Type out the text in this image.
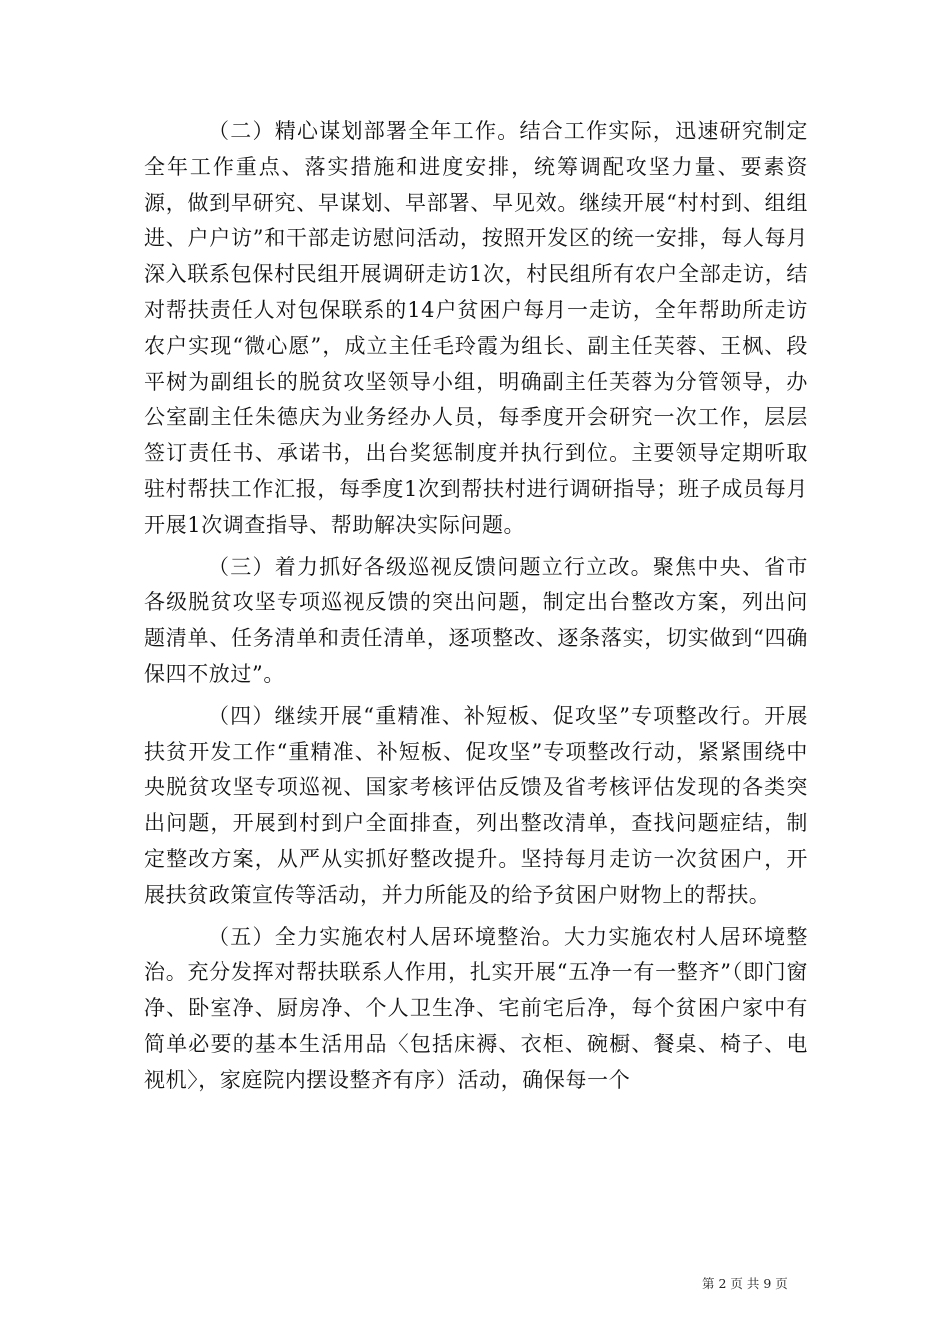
（二）精心谋划部署全年工作。结合工作实际，迅速研究制定全年工作重点、落实措施和进度安排，统筹调配攻坚力量、要素资源，做到早研究、早谋划、早部署、早见效。继续开展“村村到、组组进、户户访”和干部走访慰问活动，按照开发区的统一安排，每人每月深入联系包保村民组开展调研走访1次，村民组所有农户全部走访，结对帮扶责任人对包保联系的14户贫困户每月一走访，全年帮助所走访农户实现“微心愿”，成立主任毛玲霞为组长、副主任芙蓉、王枫、段平树为副组长的脱贫攻坚领导小组，明确副主任芙蓉为分管领导，办公室副主任朱德庆为业务经办人员，每季度开会研究一次工作，层层签订责任书、承诺书，出台奖惩制度并执行到位。主要领导定期听取驻村帮扶工作汇报，每季度1次到帮扶村进行调研指导；班子成员每月开展1次调查指导、帮助解决实际问题。

（三）着力抓好各级巡视反馈问题立行立改。聚焦中央、省市各级脱贫攻坚专项巡视反馈的突出问题，制定出台整改方案，列出问题清单、任务清单和责任清单，逐项整改、逐条落实，切实做到“四确保四不放过”。

（四）继续开展“重精准、补短板、促攻坚”专项整改行。开展扶贫开发工作“重精准、补短板、促攻坚”专项整改行动，紧紧围绕中央脱贫攻坚专项巡视、国家考核评估反馈及省考核评估发现的各类突出问题，开展到村到户全面排查，列出整改清单，查找问题症结，制定整改方案，从严从实抓好整改提升。坚持每月走访一次贫困户，开展扶贫政策宣传等活动，并力所能及的给予贫困户财物上的帮扶。

（五）全力实施农村人居环境整治。大力实施农村人居环境整治。充分发挥对帮扶联系人作用，扎实开展“五净一有一整齐”（即门窗净、卧室净、厨房净、个人卫生净、宅前宅后净，每个贫困户家中有简单必要的基本生活用品〈包括床褥、衣柜、碗橱、餐桌、椅子、电视机〉，家庭院内摆设整齐有序）活动，确保每一个

第 2 页 共 9 页
